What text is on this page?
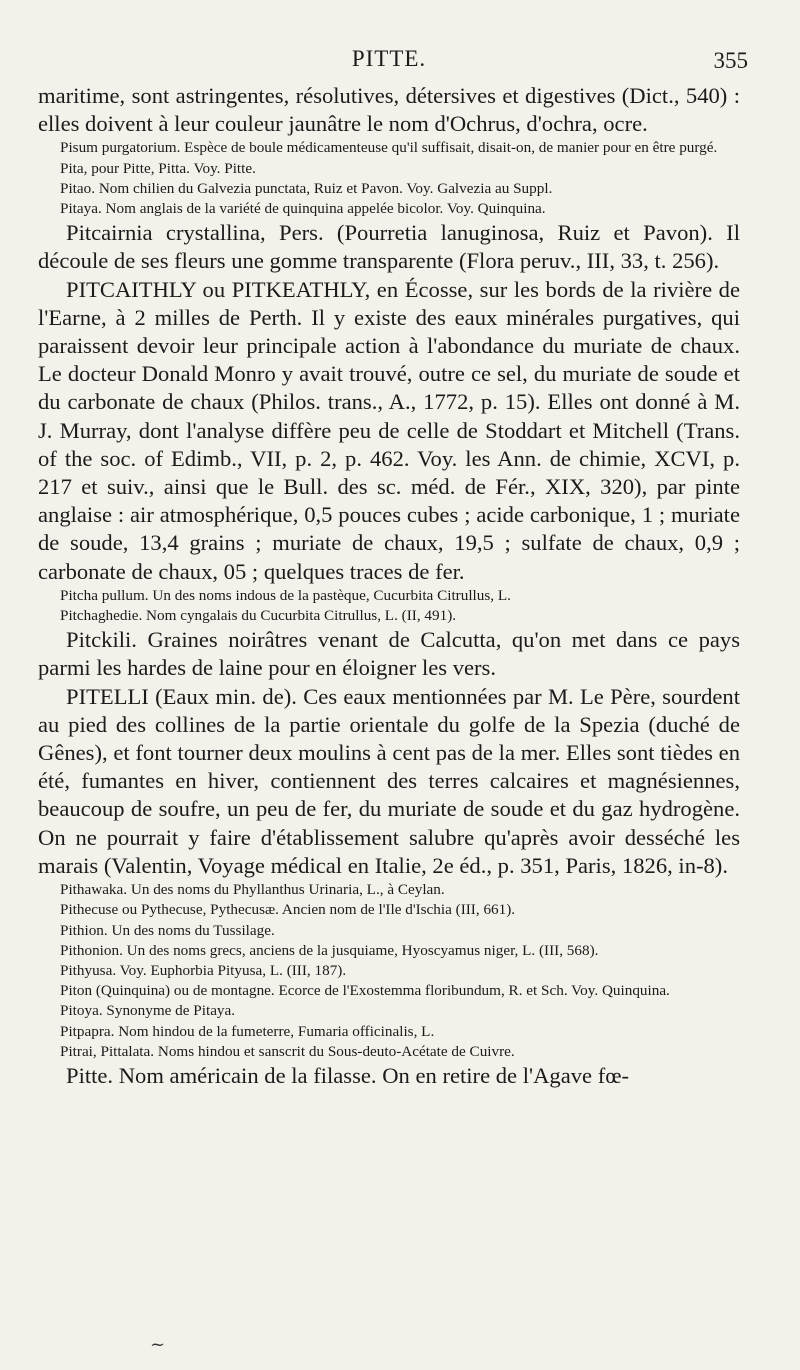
PITTE.	355

maritime, sont astringentes, résolutives, détersives et digestives (Dict., 540) : elles doivent à leur couleur jaunâtre le nom d'Ochrus, d'ochra, ocre.

Pisum purgatorium. Espèce de boule médicamenteuse qu'il suffisait, disait-on, de manier pour en être purgé.

Pita, pour Pitte, Pitta. Voy. Pitte.

Pitao. Nom chilien du Galvezia punctata, Ruiz et Pavon. Voy. Galvezia au Suppl.

Pitaya. Nom anglais de la variété de quinquina appelée bicolor. Voy. Quinquina.

Pitcairnia crystallina, Pers. (Pourretia lanuginosa, Ruiz et Pavon). Il découle de ses fleurs une gomme transparente (Flora peruv., III, 33, t. 256).

PITCAITHLY ou PITKEATHLY, en Écosse, sur les bords de la rivière de l'Earne, à 2 milles de Perth. Il y existe des eaux minérales purgatives, qui paraissent devoir leur principale action à l'abondance du muriate de chaux. Le docteur Donald Monro y avait trouvé, outre ce sel, du muriate de soude et du carbonate de chaux (Philos. trans., A., 1772, p. 15). Elles ont donné à M. J. Murray, dont l'analyse diffère peu de celle de Stoddart et Mitchell (Trans. of the soc. of Edimb., VII, p. 2, p. 462. Voy. les Ann. de chimie, XCVI, p. 217 et suiv., ainsi que le Bull. des sc. méd. de Fér., XIX, 320), par pinte anglaise : air atmosphérique, 0,5 pouces cubes ; acide carbonique, 1 ; muriate de soude, 13,4 grains ; muriate de chaux, 19,5 ; sulfate de chaux, 0,9 ; carbonate de chaux, 05 ; quelques traces de fer.

Pitcha pullum. Un des noms indous de la pastèque, Cucurbita Citrullus, L.

Pitchaghedie. Nom cyngalais du Cucurbita Citrullus, L. (II, 491).

Pitckili. Graines noirâtres venant de Calcutta, qu'on met dans ce pays parmi les hardes de laine pour en éloigner les vers.

PITELLI (Eaux min. de). Ces eaux mentionnées par M. Le Père, sourdent au pied des collines de la partie orientale du golfe de la Spezia (duché de Gênes), et font tourner deux moulins à cent pas de la mer. Elles sont tièdes en été, fumantes en hiver, contiennent des terres calcaires et magnésiennes, beaucoup de soufre, un peu de fer, du muriate de soude et du gaz hydrogène. On ne pourrait y faire d'établissement salubre qu'après avoir desséché les marais (Valentin, Voyage médical en Italie, 2e éd., p. 351, Paris, 1826, in-8).

Pithawaka. Un des noms du Phyllanthus Urinaria, L., à Ceylan.

Pithecuse ou Pythecuse, Pythecusæ. Ancien nom de l'Ile d'Ischia (III, 661).

Pithion. Un des noms du Tussilage.

Pithonion. Un des noms grecs, anciens de la jusquiame, Hyoscyamus niger, L. (III, 568).

Pithyusa. Voy. Euphorbia Pityusa, L. (III, 187).

Piton (Quinquina) ou de montagne. Ecorce de l'Exostemma floribundum, R. et Sch. Voy. Quinquina.

Pitoya. Synonyme de Pitaya.

Pitpapra. Nom hindou de la fumeterre, Fumaria officinalis, L.

Pitrai, Pittalata. Noms hindou et sanscrit du Sous-deuto-Acétate de Cuivre.

Pitte. Nom américain de la filasse. On en retire de l'Agave fœ-

~
